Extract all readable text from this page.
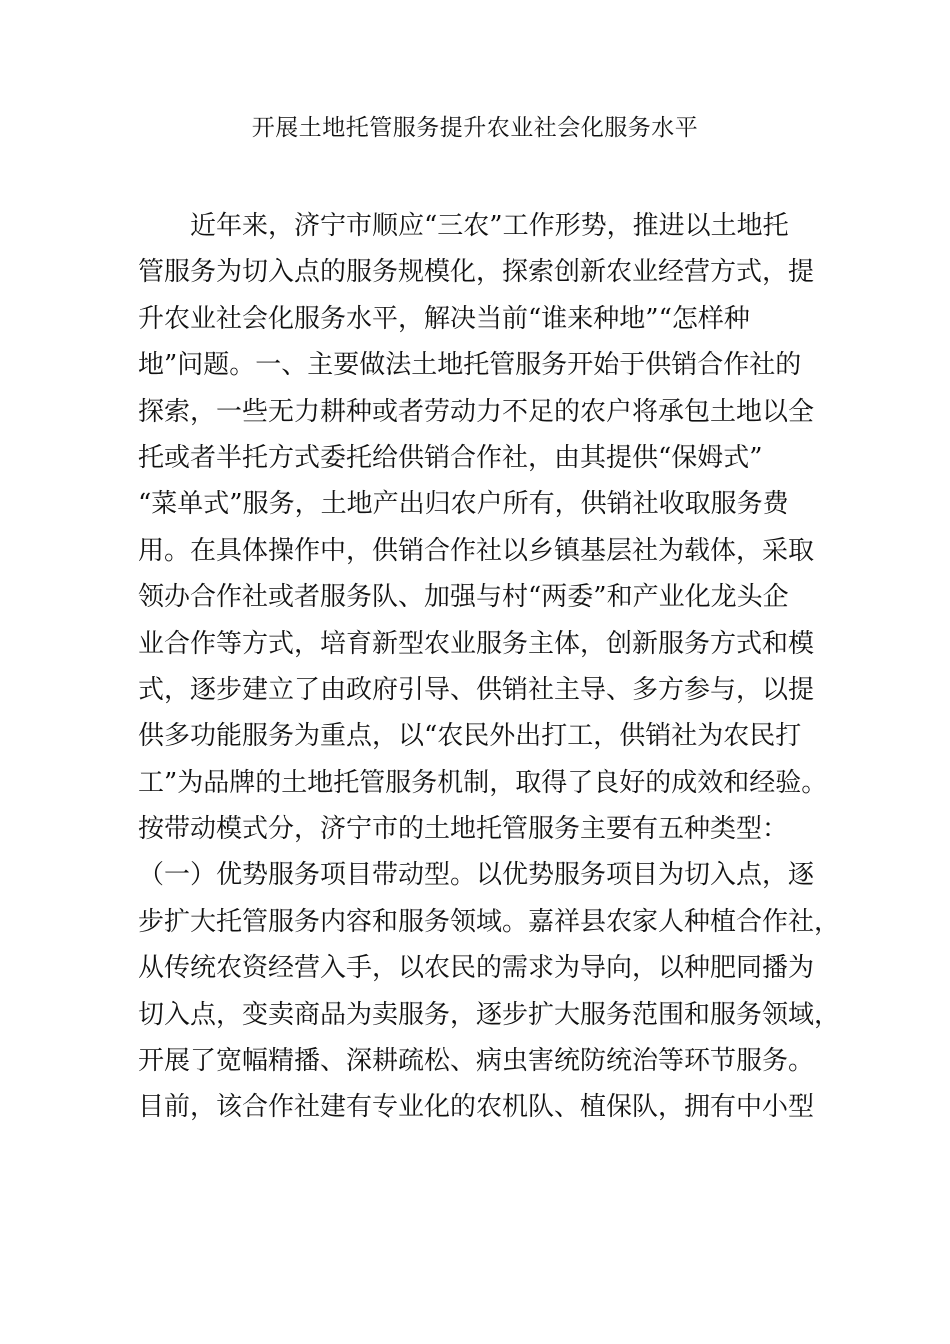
开展土地托管服务提升农业社会化服务水平
近年来，济宁市顺应“三农”工作形势，推进以土地托
管服务为切入点的服务规模化，探索创新农业经营方式，提
升农业社会化服务水平，解决当前“谁来种地”“怎样种
地”问题。一、主要做法土地托管服务开始于供销合作社的
探索，一些无力耕种或者劳动力不足的农户将承包土地以全
托或者半托方式委托给供销合作社，由其提供“保姆式”
“菜单式”服务，土地产出归农户所有，供销社收取服务费
用。在具体操作中，供销合作社以乡镇基层社为载体，采取
领办合作社或者服务队、加强与村“两委”和产业化龙头企
业合作等方式，培育新型农业服务主体，创新服务方式和模
式，逐步建立了由政府引导、供销社主导、多方参与，以提
供多功能服务为重点，以“农民外出打工，供销社为农民打
工”为品牌的土地托管服务机制，取得了良好的成效和经验。
按带动模式分，济宁市的土地托管服务主要有五种类型：
（一）优势服务项目带动型。以优势服务项目为切入点，逐
步扩大托管服务内容和服务领域。嘉祥县农家人种植合作社，
从传统农资经营入手，以农民的需求为导向，以种肥同播为
切入点，变卖商品为卖服务，逐步扩大服务范围和服务领域，
开展了宽幅精播、深耕疏松、病虫害统防统治等环节服务。
目前，该合作社建有专业化的农机队、植保队，拥有中小型
